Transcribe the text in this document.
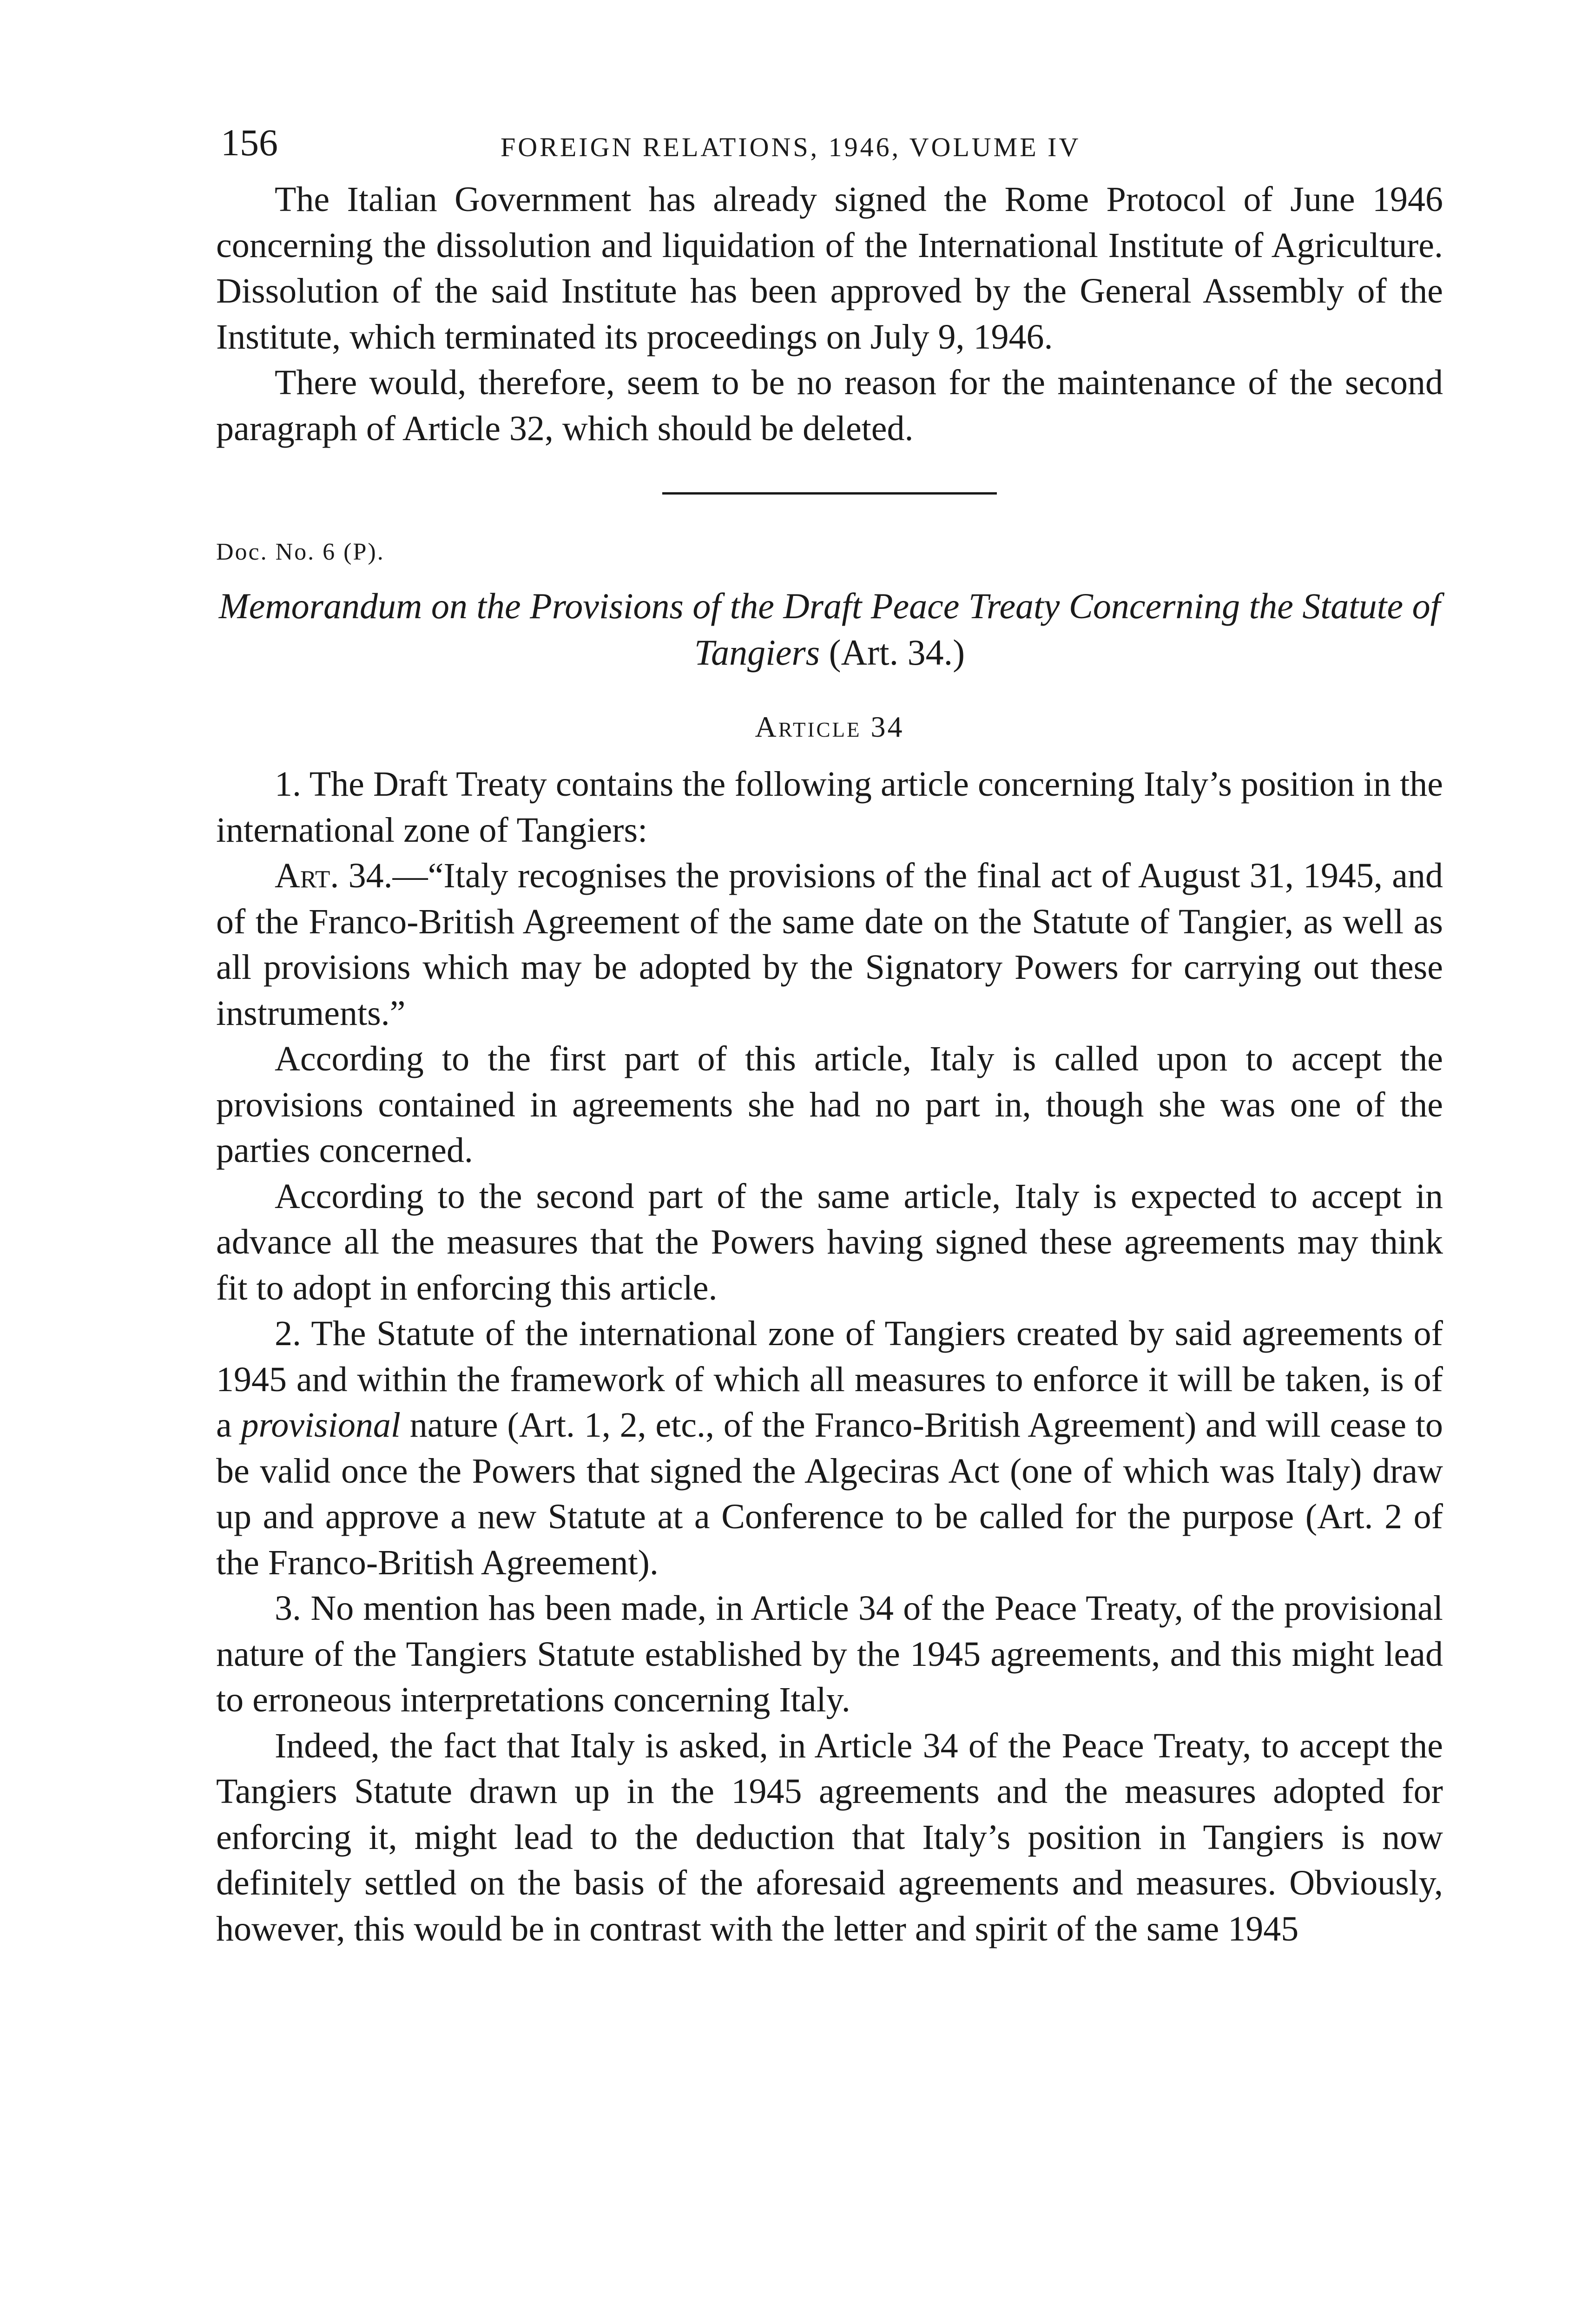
156	FOREIGN RELATIONS, 1946, VOLUME IV

The Italian Government has already signed the Rome Protocol of June 1946 concerning the dissolution and liquidation of the International Institute of Agriculture. Dissolution of the said Institute has been approved by the General Assembly of the Institute, which terminated its proceedings on July 9, 1946.

There would, therefore, seem to be no reason for the maintenance of the second paragraph of Article 32, which should be deleted.

Doc. No. 6 (P).

Memorandum on the Provisions of the Draft Peace Treaty Concerning the Statute of Tangiers (Art. 34.)

Article 34

1. The Draft Treaty contains the following article concerning Italy’s position in the international zone of Tangiers:

Art. 34.—“Italy recognises the provisions of the final act of August 31, 1945, and of the Franco-British Agreement of the same date on the Statute of Tangier, as well as all provisions which may be adopted by the Signatory Powers for carrying out these instruments.”

According to the first part of this article, Italy is called upon to accept the provisions contained in agreements she had no part in, though she was one of the parties concerned.

According to the second part of the same article, Italy is expected to accept in advance all the measures that the Powers having signed these agreements may think fit to adopt in enforcing this article.

2. The Statute of the international zone of Tangiers created by said agreements of 1945 and within the framework of which all measures to enforce it will be taken, is of a provisional nature (Art. 1, 2, etc., of the Franco-British Agreement) and will cease to be valid once the Powers that signed the Algeciras Act (one of which was Italy) draw up and approve a new Statute at a Conference to be called for the purpose (Art. 2 of the Franco-British Agreement).

3. No mention has been made, in Article 34 of the Peace Treaty, of the provisional nature of the Tangiers Statute established by the 1945 agreements, and this might lead to erroneous interpretations concerning Italy.

Indeed, the fact that Italy is asked, in Article 34 of the Peace Treaty, to accept the Tangiers Statute drawn up in the 1945 agreements and the measures adopted for enforcing it, might lead to the deduction that Italy’s position in Tangiers is now definitely settled on the basis of the aforesaid agreements and measures. Obviously, however, this would be in contrast with the letter and spirit of the same 1945
